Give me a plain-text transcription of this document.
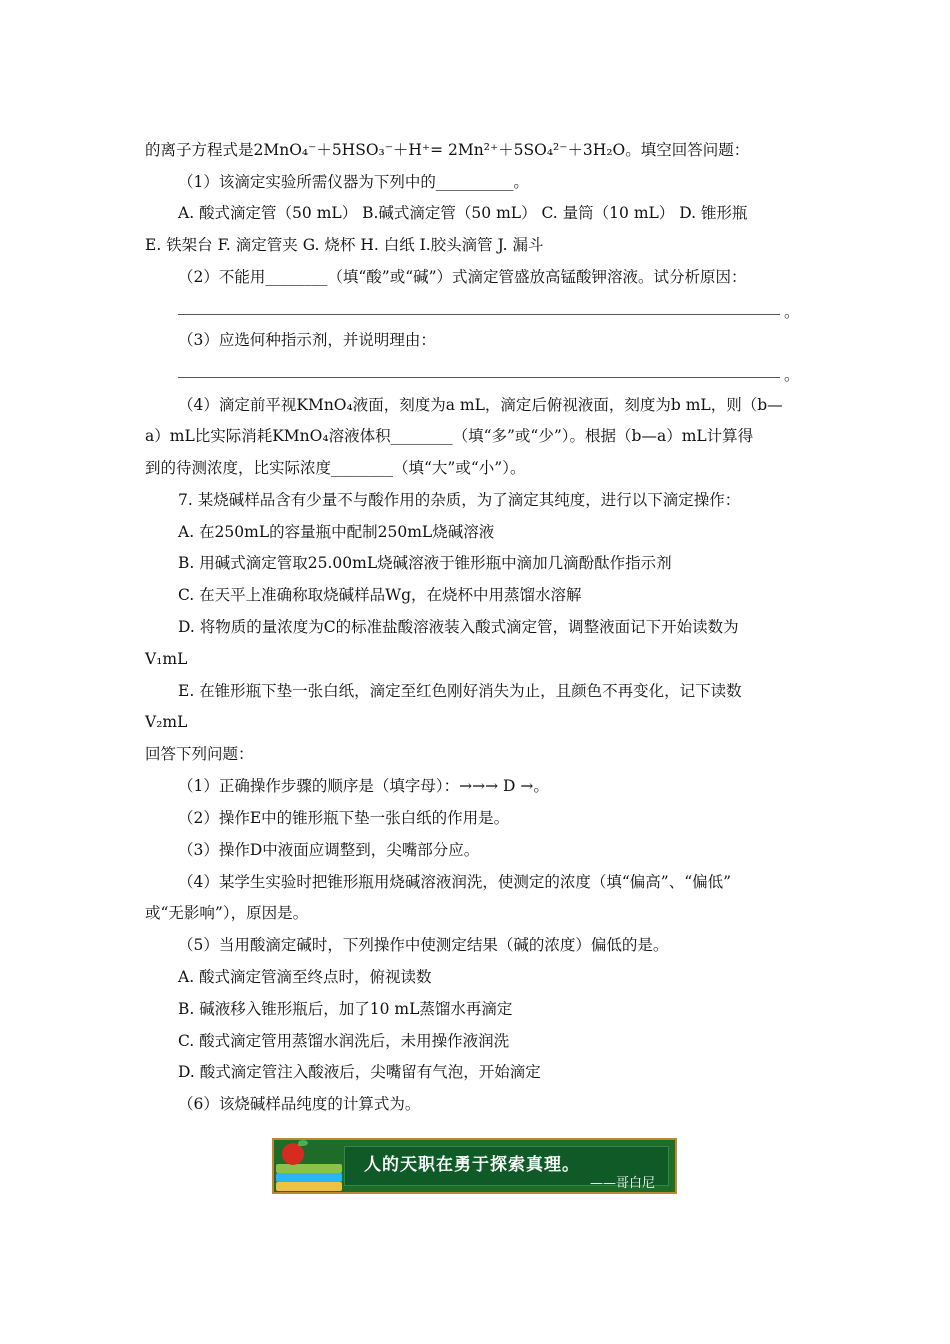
的离子方程式是2MnO₄⁻＋5HSO₃⁻＋H⁺= 2Mn²⁺＋5SO₄²⁻＋3H₂O。填空回答问题：
（1）该滴定实验所需仪器为下列中的__________。
A. 酸式滴定管（50 mL） B.碱式滴定管（50 mL） C. 量筒（10 mL） D. 锥形瓶
E. 铁架台 F. 滴定管夹 G. 烧杯 H. 白纸 I.胶头滴管 J. 漏斗
（2）不能用________（填“酸”或“碱”）式滴定管盛放高锰酸钾溶液。试分析原因：
。
（3）应选何种指示剂，并说明理由：
。
（4）滴定前平视KMnO₄液面，刻度为a mL，滴定后俯视液面，刻度为b mL，则（b—
a）mL比实际消耗KMnO₄溶液体积________（填“多”或“少”）。根据（b—a）mL计算得
到的待测浓度，比实际浓度________（填“大”或“小”）。
7. 某烧碱样品含有少量不与酸作用的杂质，为了滴定其纯度，进行以下滴定操作：
A. 在250mL的容量瓶中配制250mL烧碱溶液
B. 用碱式滴定管取25.00mL烧碱溶液于锥形瓶中滴加几滴酚酞作指示剂
C. 在天平上准确称取烧碱样品Wg，在烧杯中用蒸馏水溶解
D. 将物质的量浓度为C的标准盐酸溶液装入酸式滴定管，调整液面记下开始读数为
V₁mL
E. 在锥形瓶下垫一张白纸，滴定至红色刚好消失为止，且颜色不再变化，记下读数
V₂mL
回答下列问题：
（1）正确操作步骤的顺序是（填字母）：→→→ D →。
（2）操作E中的锥形瓶下垫一张白纸的作用是。
（3）操作D中液面应调整到，尖嘴部分应。
（4）某学生实验时把锥形瓶用烧碱溶液润洗，使测定的浓度（填“偏高”、“偏低”
或“无影响”），原因是。
（5）当用酸滴定碱时，下列操作中使测定结果（碱的浓度）偏低的是。
A. 酸式滴定管滴至终点时，俯视读数
B. 碱液移入锥形瓶后，加了10 mL蒸馏水再滴定
C. 酸式滴定管用蒸馏水润洗后，未用操作液润洗
D. 酸式滴定管注入酸液后，尖嘴留有气泡，开始滴定
（6）该烧碱样品纯度的计算式为。
人的天职在勇于探索真理。
——哥白尼
